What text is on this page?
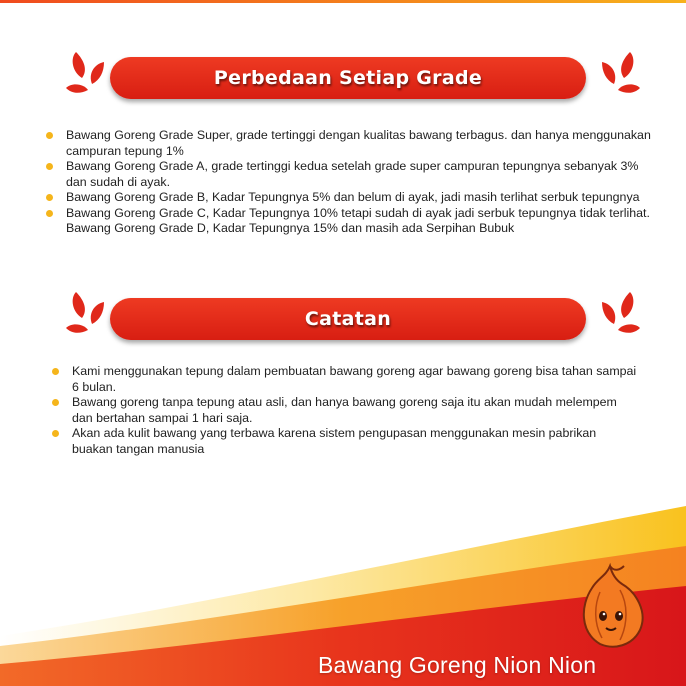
Perbedaan Setiap Grade
Bawang Goreng Grade Super, grade tertinggi dengan kualitas bawang terbagus. dan hanya menggunakan campuran tepung 1%
Bawang Goreng Grade A, grade tertinggi kedua setelah grade super campuran tepungnya sebanyak 3% dan sudah di ayak.
Bawang Goreng Grade B, Kadar Tepungnya 5% dan belum di ayak, jadi masih terlihat serbuk tepungnya
Bawang Goreng Grade C, Kadar Tepungnya 10% tetapi sudah di ayak jadi serbuk tepungnya tidak terlihat.
Bawang Goreng Grade D, Kadar Tepungnya 15% dan masih ada Serpihan Bubuk
Catatan
Kami menggunakan tepung dalam pembuatan bawang goreng agar bawang goreng bisa tahan sampai 6 bulan.
Bawang goreng tanpa tepung atau asli, dan hanya bawang goreng saja itu akan mudah melempem dan bertahan sampai 1 hari saja.
Akan ada kulit bawang yang terbawa karena sistem pengupasan menggunakan mesin pabrikan buakan tangan manusia
Bawang Goreng Nion Nion
